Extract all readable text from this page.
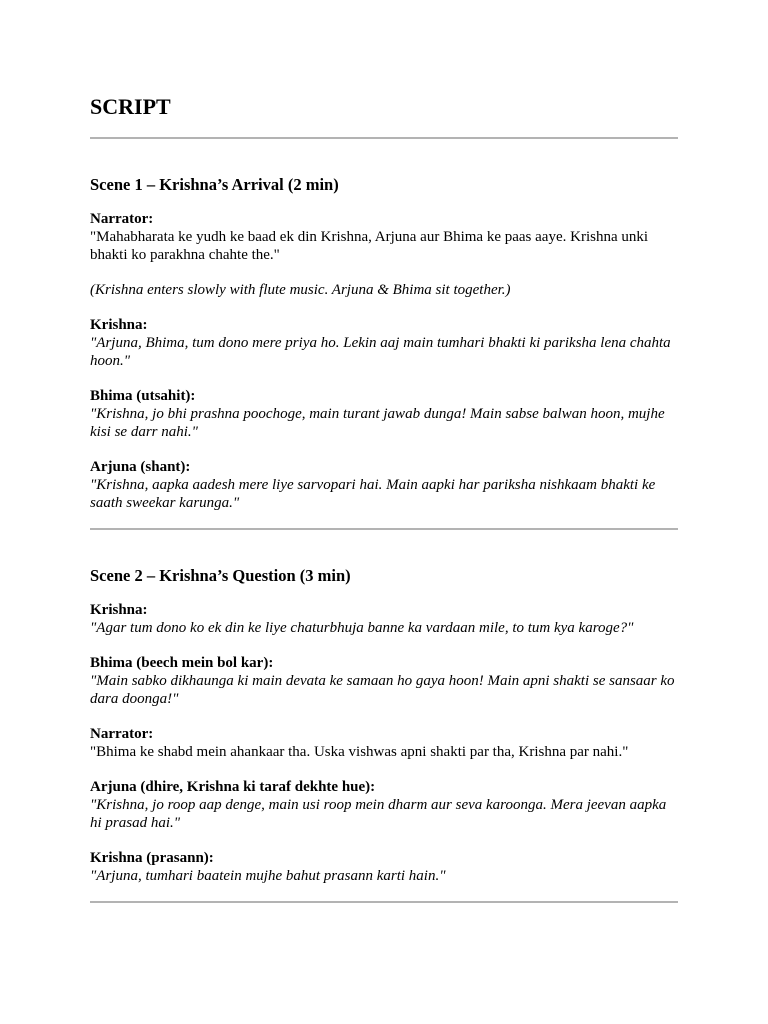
SCRIPT
Scene 1 – Krishna’s Arrival (2 min)
Narrator:
"Mahabharata ke yudh ke baad ek din Krishna, Arjuna aur Bhima ke paas aaye. Krishna unki bhakti ko parakhna chahte the."
(Krishna enters slowly with flute music. Arjuna & Bhima sit together.)
Krishna:
"Arjuna, Bhima, tum dono mere priya ho. Lekin aaj main tumhari bhakti ki pariksha lena chahta hoon."
Bhima (utsahit):
"Krishna, jo bhi prashna poochoge, main turant jawab dunga! Main sabse balwan hoon, mujhe kisi se darr nahi."
Arjuna (shant):
"Krishna, aapka aadesh mere liye sarvopari hai. Main aapki har pariksha nishkaam bhakti ke saath sweekar karunga."
Scene 2 – Krishna’s Question (3 min)
Krishna:
"Agar tum dono ko ek din ke liye chaturbhuja banne ka vardaan mile, to tum kya karoge?"
Bhima (beech mein bol kar):
"Main sabko dikhaunga ki main devata ke samaan ho gaya hoon! Main apni shakti se sansaar ko dara doonga!"
Narrator:
"Bhima ke shabd mein ahankaar tha. Uska vishwas apni shakti par tha, Krishna par nahi."
Arjuna (dhire, Krishna ki taraf dekhte hue):
"Krishna, jo roop aap denge, main usi roop mein dharm aur seva karoonga. Mera jeevan aapka hi prasad hai."
Krishna (prasann):
"Arjuna, tumhari baatein mujhe bahut prasann karti hain."
